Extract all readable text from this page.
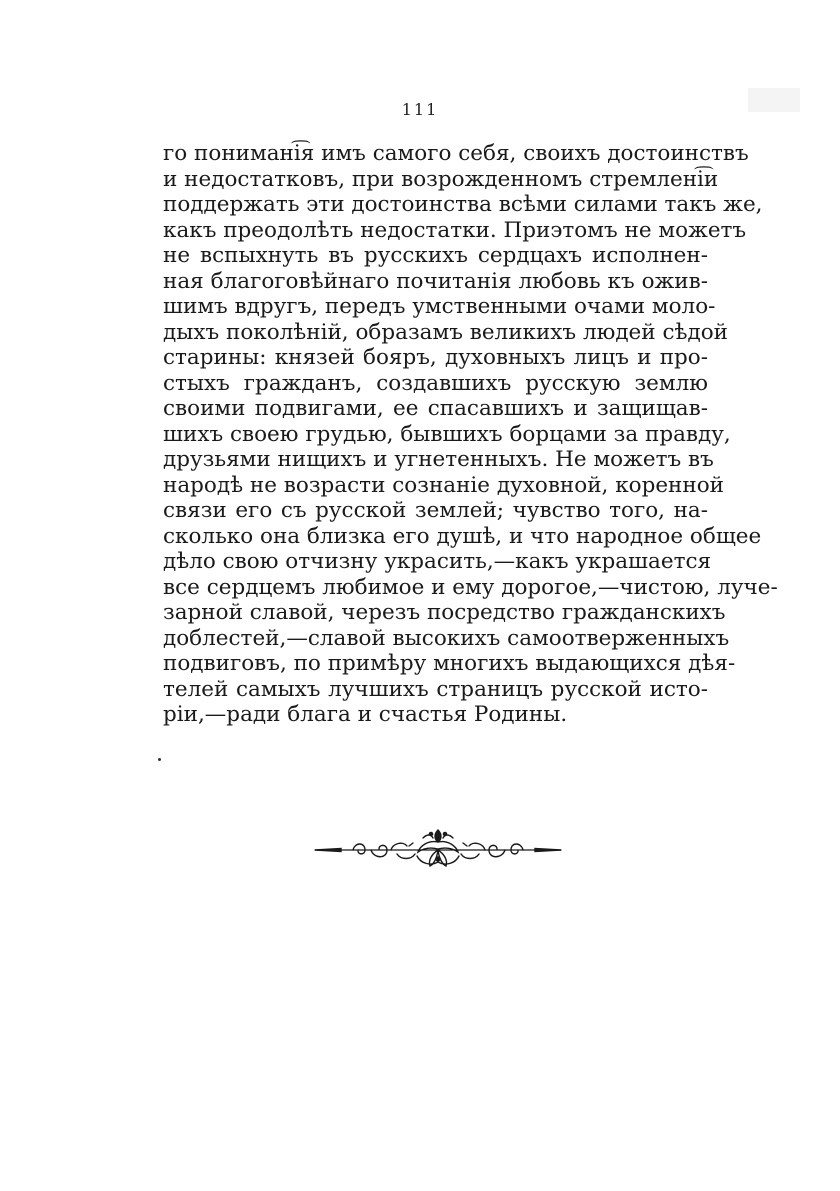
111
го понимані͡я имъ самого себя, своихъ достоинствъ
и недостатковъ, при возрожденномъ стремлені͡и
поддержать эти достоинства всѣми силами такъ же,
какъ преодолѣть недостатки. Приэтомъ не можетъ
не вспыхнуть въ русскихъ сердцахъ исполнен-
ная благоговѣйнаго почитанія любовь къ ожив-
шимъ вдругъ, передъ умственными очами моло-
дыхъ поколѣній, образамъ великихъ людей сѣдой
старины: князей бояръ, духовныхъ лицъ и про-
стыхъ гражданъ, создавшихъ русскую землю
своими подвигами, ее спасавшихъ и защищав-
шихъ своею грудью, бывшихъ борцами за правду,
друзьями нищихъ и угнетенныхъ. Не можетъ въ
народѣ не возрасти сознаніе духовной, коренной
связи его съ русской землей; чувство того, на-
сколько она близка его душѣ, и что народное общее
дѣло свою отчизну украсить,—какъ украшается
все сердцемъ любимое и ему дорогое,—чистою, луче-
зарной славой, черезъ посредство гражданскихъ
доблестей,—славой высокихъ самоотверженныхъ
подвиговъ, по примѣру многихъ выдающихся дѣя-
телей самыхъ лучшихъ страницъ русской исто-
ріи,—ради блага и счастья Родины.
